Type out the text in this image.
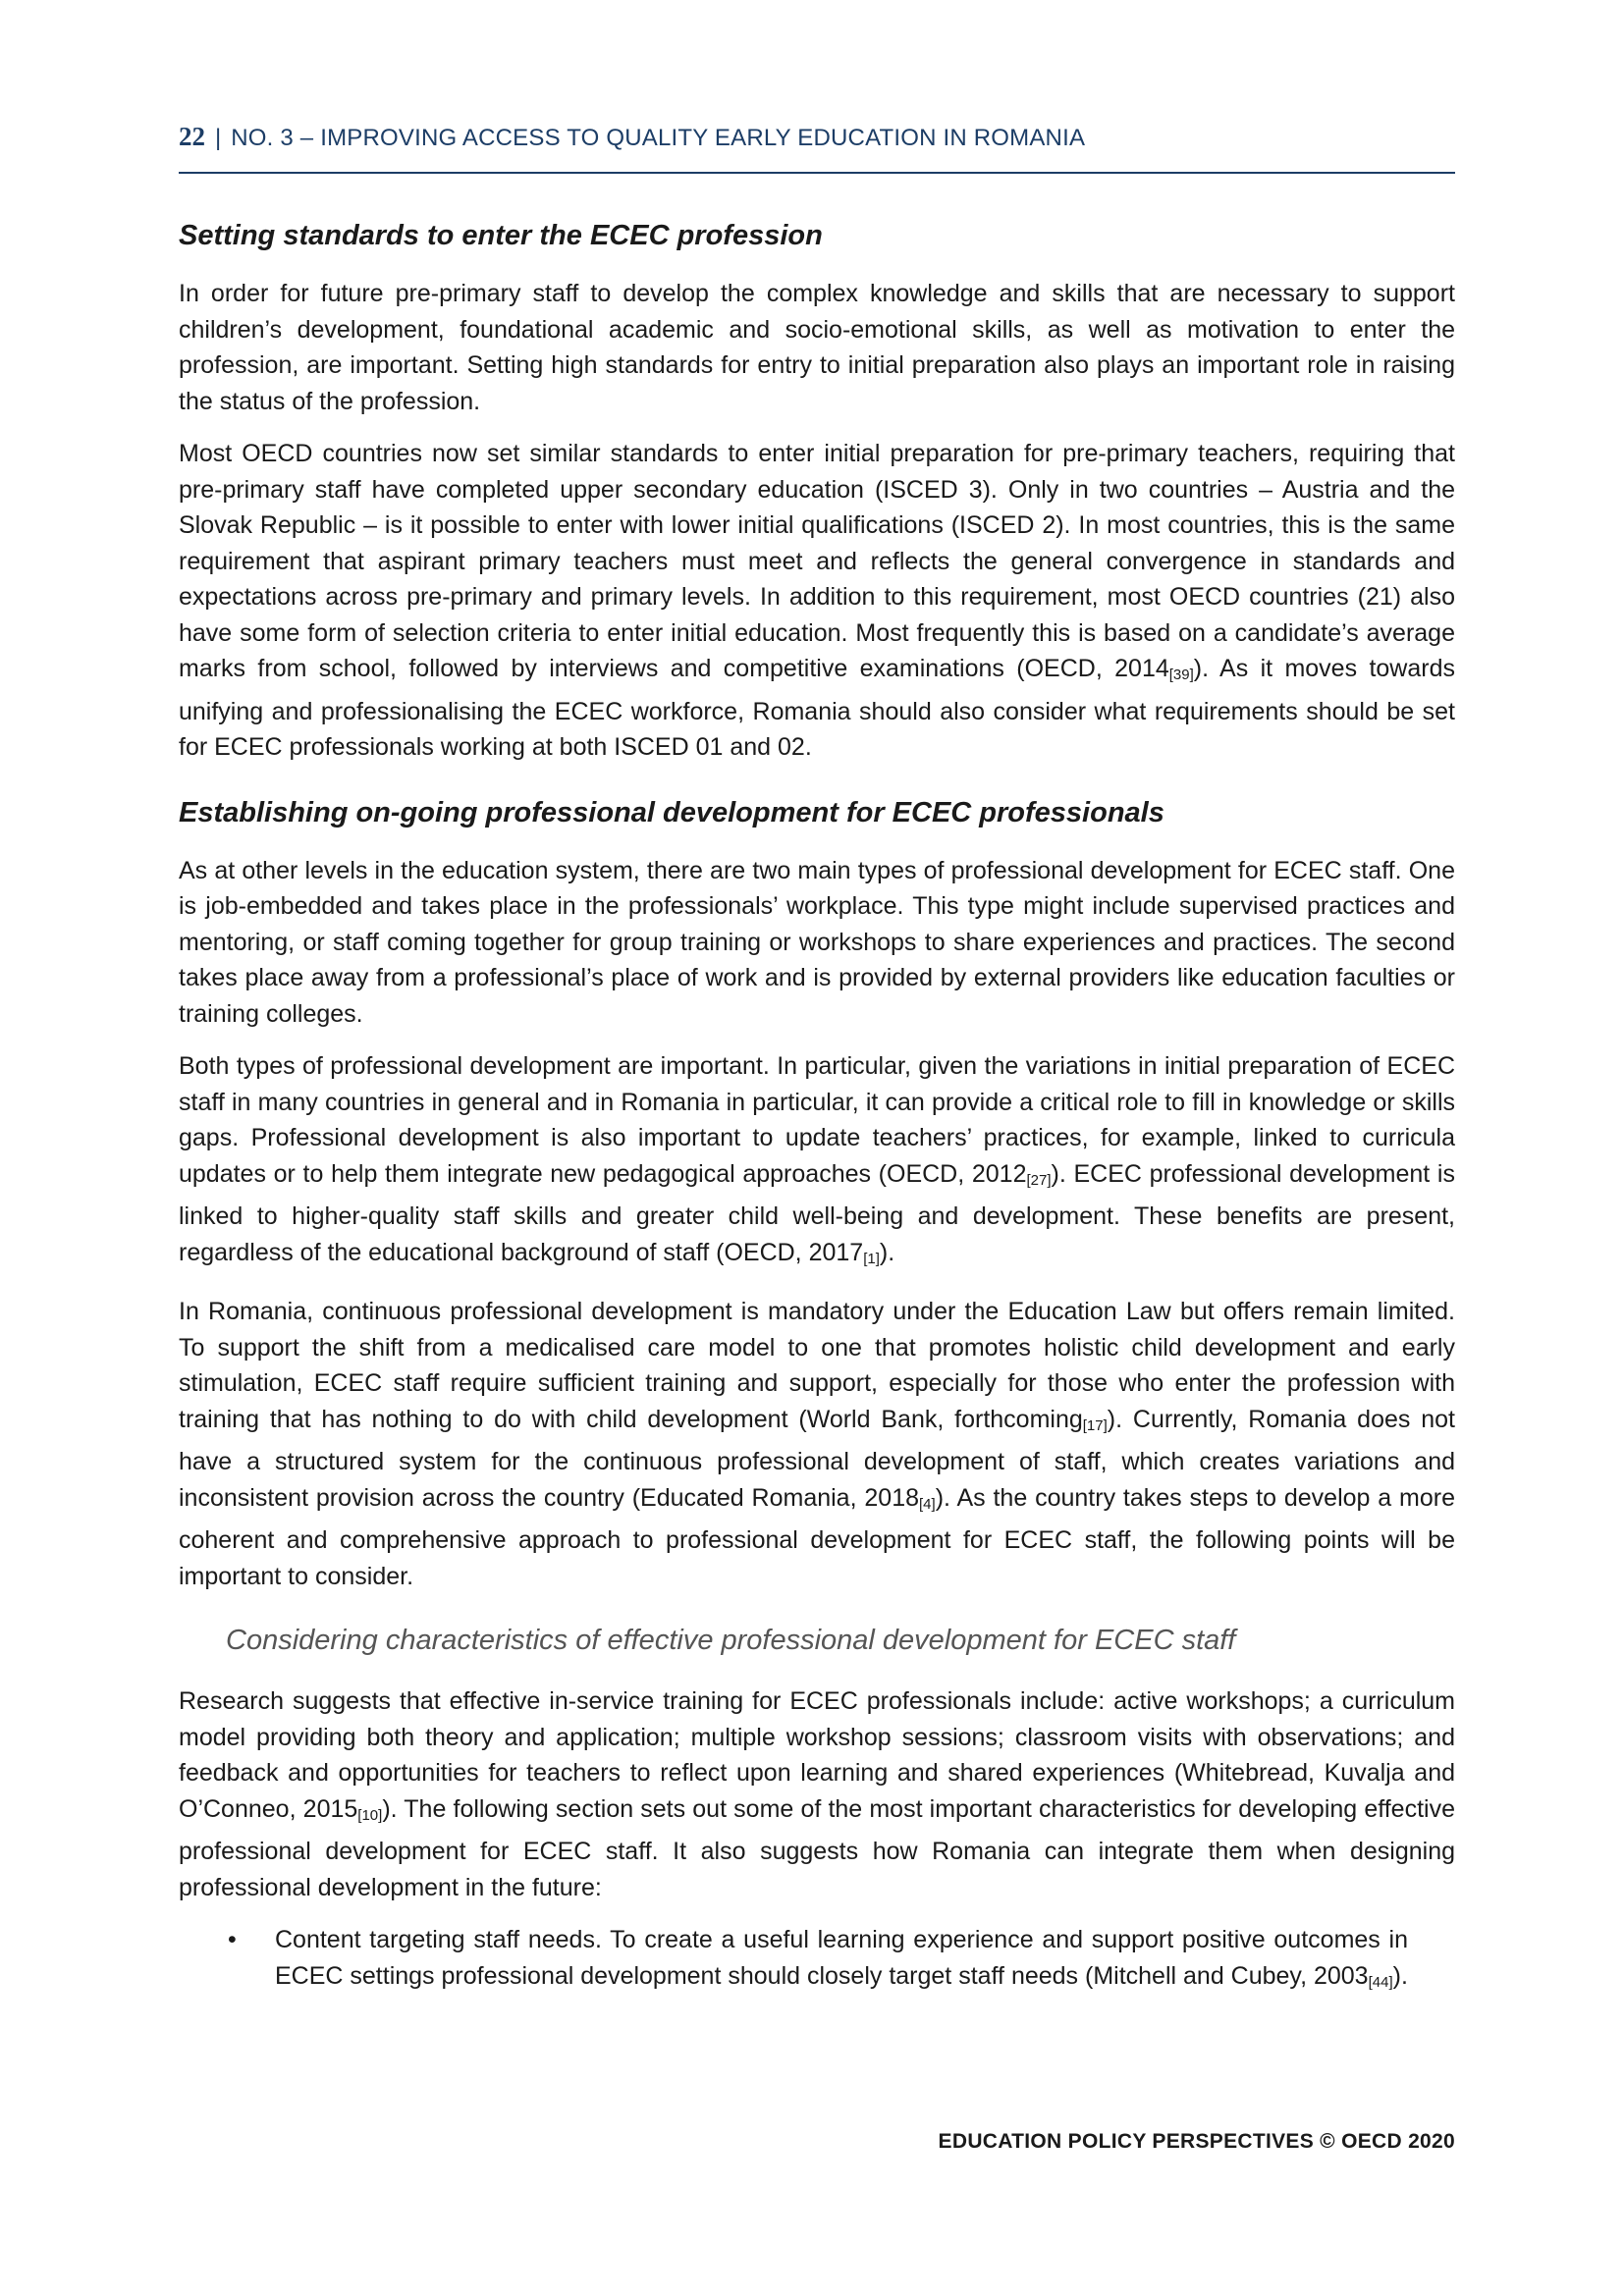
22 | NO. 3 – IMPROVING ACCESS TO QUALITY EARLY EDUCATION IN ROMANIA
Setting standards to enter the ECEC profession

In order for future pre-primary staff to develop the complex knowledge and skills that are necessary to support children’s development, foundational academic and socio-emotional skills, as well as motivation to enter the profession, are important. Setting high standards for entry to initial preparation also plays an important role in raising the status of the profession.

Most OECD countries now set similar standards to enter initial preparation for pre-primary teachers, requiring that pre-primary staff have completed upper secondary education (ISCED 3). Only in two countries – Austria and the Slovak Republic – is it possible to enter with lower initial qualifications (ISCED 2). In most countries, this is the same requirement that aspirant primary teachers must meet and reflects the general convergence in standards and expectations across pre-primary and primary levels. In addition to this requirement, most OECD countries (21) also have some form of selection criteria to enter initial education. Most frequently this is based on a candidate’s average marks from school, followed by interviews and competitive examinations (OECD, $2014_{[39]}$). As it moves towards unifying and professionalising the ECEC workforce, Romania should also consider what requirements should be set for ECEC professionals working at both ISCED 01 and 02.

Establishing on-going professional development for ECEC professionals

As at other levels in the education system, there are two main types of professional development for ECEC staff. One is job-embedded and takes place in the professionals’ workplace. This type might include supervised practices and mentoring, or staff coming together for group training or workshops to share experiences and practices. The second takes place away from a professional’s place of work and is provided by external providers like education faculties or training colleges.

Both types of professional development are important. In particular, given the variations in initial preparation of ECEC staff in many countries in general and in Romania in particular, it can provide a critical role to fill in knowledge or skills gaps. Professional development is also important to update teachers’ practices, for example, linked to curricula updates or to help them integrate new pedagogical approaches (OECD, $2012_{[27]}$). ECEC professional development is linked to higher-quality staff skills and greater child well-being and development. These benefits are present, regardless of the educational background of staff (OECD, $2017_{[1]}$).

In Romania, continuous professional development is mandatory under the Education Law but offers remain limited. To support the shift from a medicalised care model to one that promotes holistic child development and early stimulation, ECEC staff require sufficient training and support, especially for those who enter the profession with training that has nothing to do with child development (World Bank, forthcoming$_{[17]}$). Currently, Romania does not have a structured system for the continuous professional development of staff, which creates variations and inconsistent provision across the country (Educated Romania, $2018_{[4]}$). As the country takes steps to develop a more coherent and comprehensive approach to professional development for ECEC staff, the following points will be important to consider.

Considering characteristics of effective professional development for ECEC staff

Research suggests that effective in-service training for ECEC professionals include: active workshops; a curriculum model providing both theory and application; multiple workshop sessions; classroom visits with observations; and feedback and opportunities for teachers to reflect upon learning and shared experiences (Whitebread, Kuvalja and O’Conneo, $2015_{[10]}$). The following section sets out some of the most important characteristics for developing effective professional development for ECEC staff. It also suggests how Romania can integrate them when designing professional development in the future:

• Content targeting staff needs. To create a useful learning experience and support positive outcomes in ECEC settings professional development should closely target staff needs (Mitchell and Cubey, $2003_{[44]}$).
EDUCATION POLICY PERSPECTIVES © OECD 2020
